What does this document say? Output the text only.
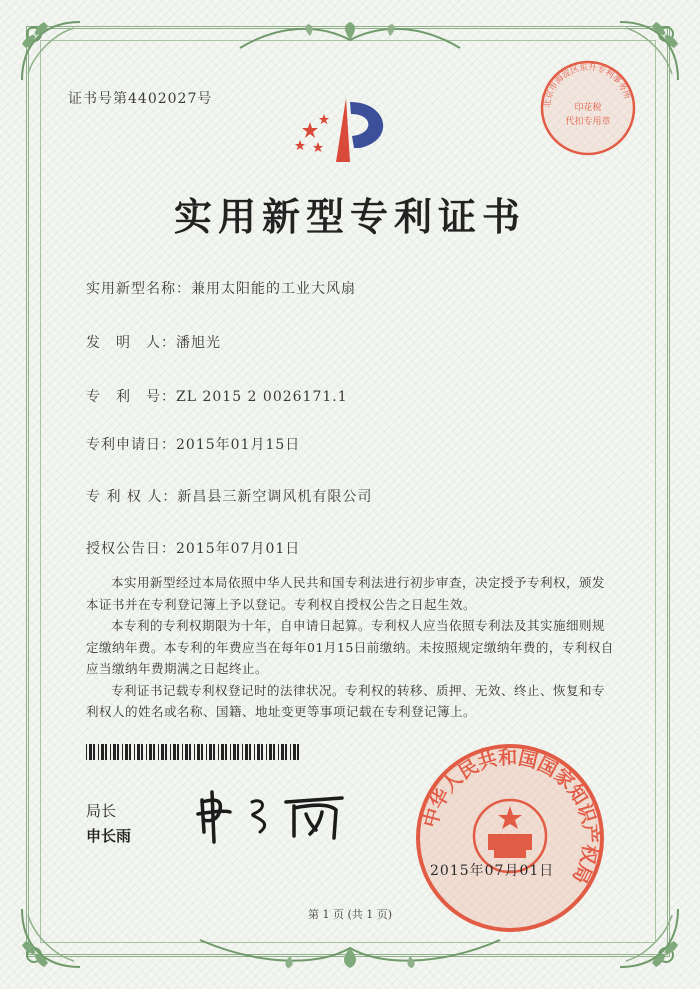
证书号第4402027号	北京市海淀区东升专利事务所
印花税
代扣专用章
实用新型专利证书
实用新型名称：兼用太阳能的工业大风扇
发　明　人：潘旭光
专　利　号：ZL 2015 2 0026171.1
专利申请日：2015年01月15日
专 利 权 人：新昌县三新空调风机有限公司
授权公告日：2015年07月01日

本实用新型经过本局依照中华人民共和国专利法进行初步审查，决定授予专利权，颁发本证书并在专利登记簿上予以登记。专利权自授权公告之日起生效。

本专利的专利权期限为十年，自申请日起算。专利权人应当依照专利法及其实施细则规定缴纳年费。本专利的年费应当在每年01月15日前缴纳。未按照规定缴纳年费的，专利权自应当缴纳年费期满之日起终止。

专利证书记载专利权登记时的法律状况。专利权的转移、质押、无效、终止、恢复和专利权人的姓名或名称、国籍、地址变更等事项记载在专利登记簿上。

局长
申长雨
中华人民共和国国家知识产权局
2015年07月01日
第 1 页 (共 1 页)
